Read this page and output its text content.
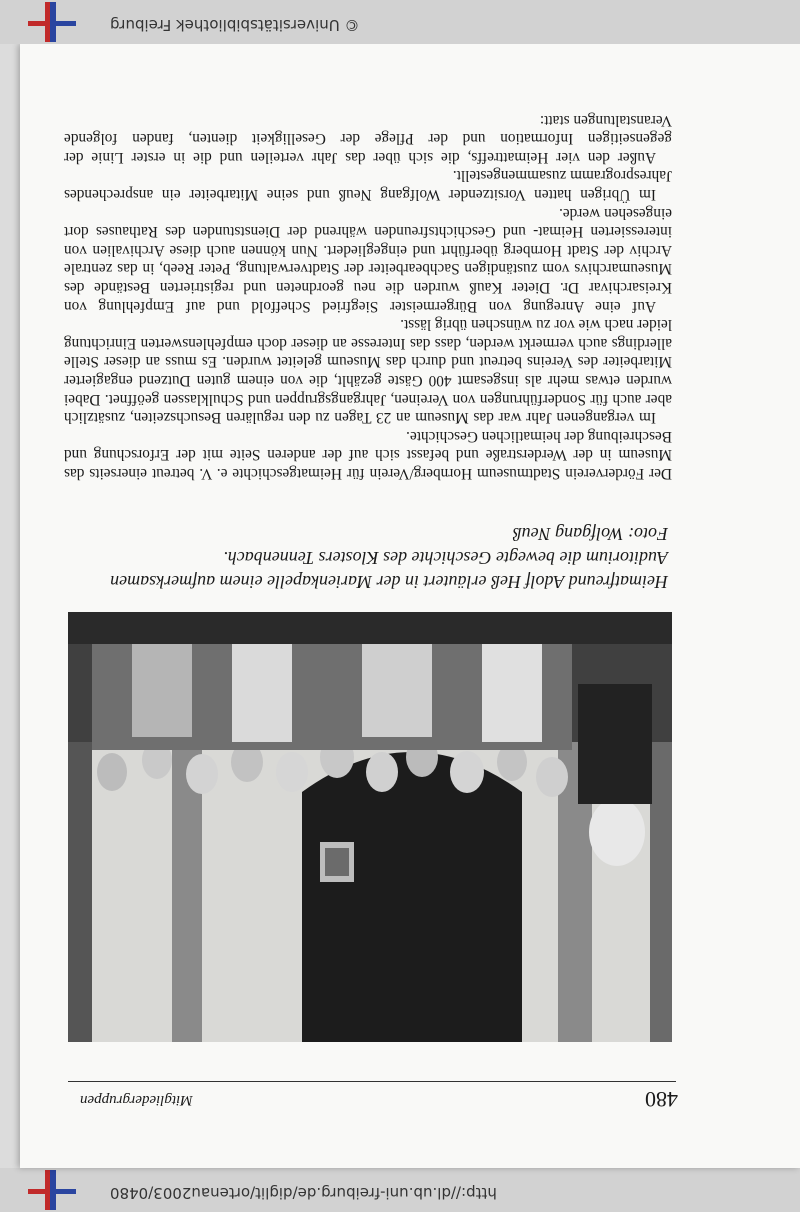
http://dl.ub.uni-freiburg.de/diglit/ortenau2003/0480
480
Mitgliedergruppen

Heimatfreund Adolf Heß erläutert in der Marienkapelle einem aufmerksamen Auditorium die bewegte Geschichte des Klosters Tennenbach.

Foto: Wolfgang Neuß

Der Förderverein Stadtmuseum Hornberg/Verein für Heimatgeschichte e. V. betreut einerseits das Museum in der Werderstraße und befasst sich auf der anderen Seite mit der Erforschung und Beschreibung der heimatlichen Geschichte.

Im vergangenen Jahr war das Museum an 23 Tagen zu den regulären Besuchszeiten, zusätzlich aber auch für Sonderführungen von Vereinen, Jahrgangsgruppen und Schulklassen geöffnet. Dabei wurden etwas mehr als insgesamt 400 Gäste gezählt, die von einem guten Dutzend engagierter Mitarbeiter des Vereins betreut und durch das Museum geleitet wurden. Es muss an dieser Stelle allerdings auch vermerkt werden, dass das Interesse an dieser doch empfehlenswerten Einrichtung leider nach wie vor zu wünschen übrig lässt.

Auf eine Anregung von Bürgermeister Siegfried Scheffold und auf Empfehlung von Kreisarchivar Dr. Dieter Kauß wurden die neu geordneten und registrierten Bestände des Museumarchivs vom zuständigen Sachbearbeiter der Stadtverwaltung, Peter Reeb, in das zentrale Archiv der Stadt Hornberg überführt und eingegliedert. Nun können auch diese Archivalien von interessierten Heimat- und Geschichtsfreunden während der Dienststunden des Rathauses dort eingesehen werde.

Im Übrigen hatten Vorsitzender Wolfgang Neuß und seine Mitarbeiter ein ansprechendes Jahresprogramm zusammengestellt.

Außer den vier Heimattreffs, die sich über das Jahr verteilen und die in erster Linie der gegenseitigen Information und der Pflege der Geselligkeit dienten, fanden folgende Veranstaltungen statt:

© Universitätsbibliothek Freiburg
